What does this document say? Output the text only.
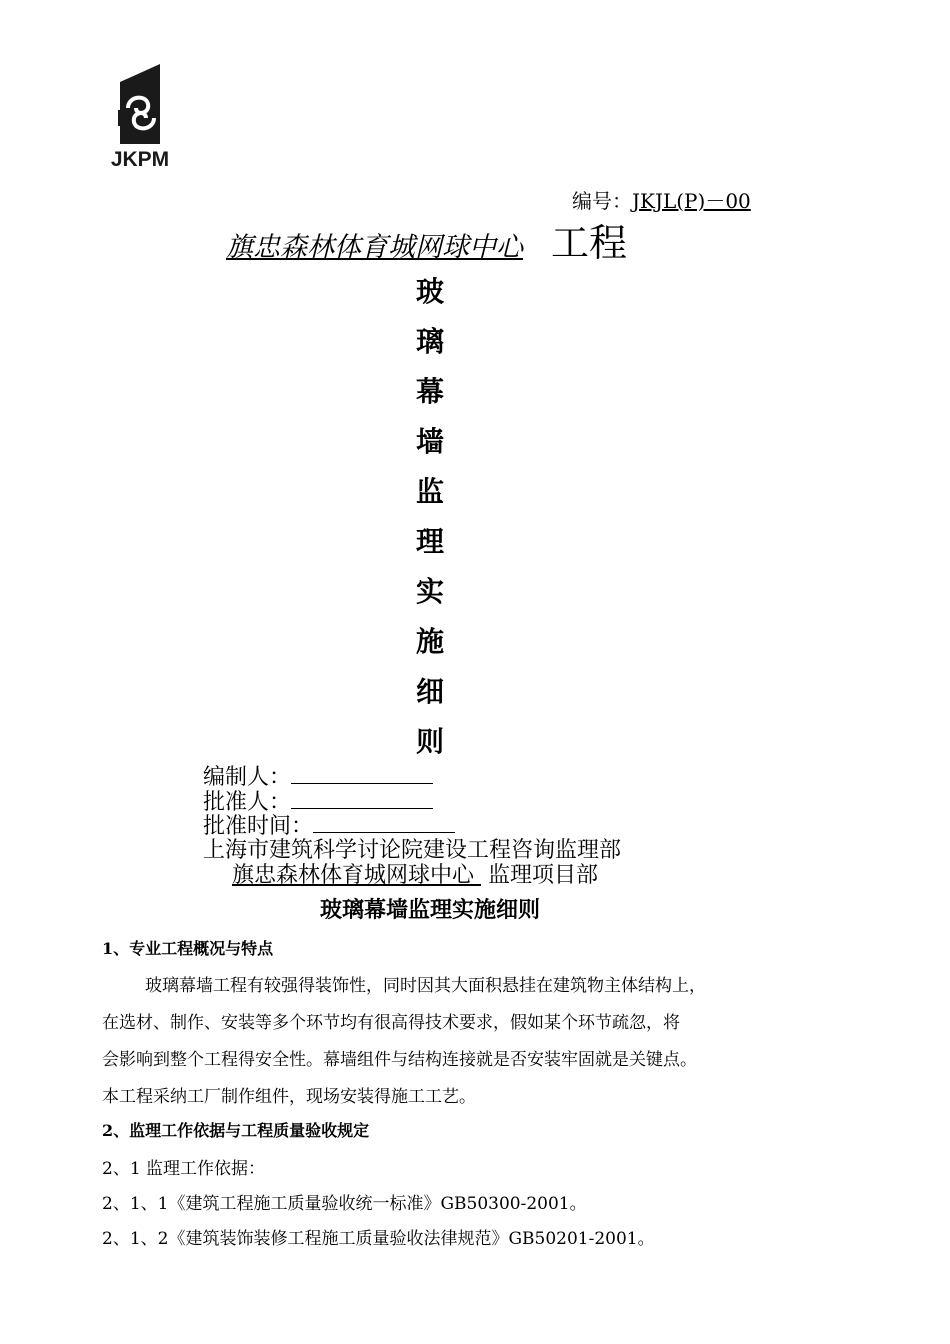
JKPM
编号：JKJL(P)－00
旗忠森林体育城网球中心 工程
玻
璃
幕
墙
监
理
实
施
细
则
编制人：
批准人：
批准时间：
上海市建筑科学讨论院建设工程咨询监理部
旗忠森林体育城网球中心 监理项目部
玻璃幕墙监理实施细则
1、专业工程概况与特点
玻璃幕墙工程有较强得装饰性，同时因其大面积悬挂在建筑物主体结构上，
在选材、制作、安装等多个环节均有很高得技术要求，假如某个环节疏忽，将
会影响到整个工程得安全性。幕墙组件与结构连接就是否安装牢固就是关键点。
本工程采纳工厂制作组件，现场安装得施工工艺。
2、监理工作依据与工程质量验收规定
2、1 监理工作依据：
2、1、1《建筑工程施工质量验收统一标准》GB50300-2001。
2、1、2《建筑装饰装修工程施工质量验收法律规范》GB50201-2001。
